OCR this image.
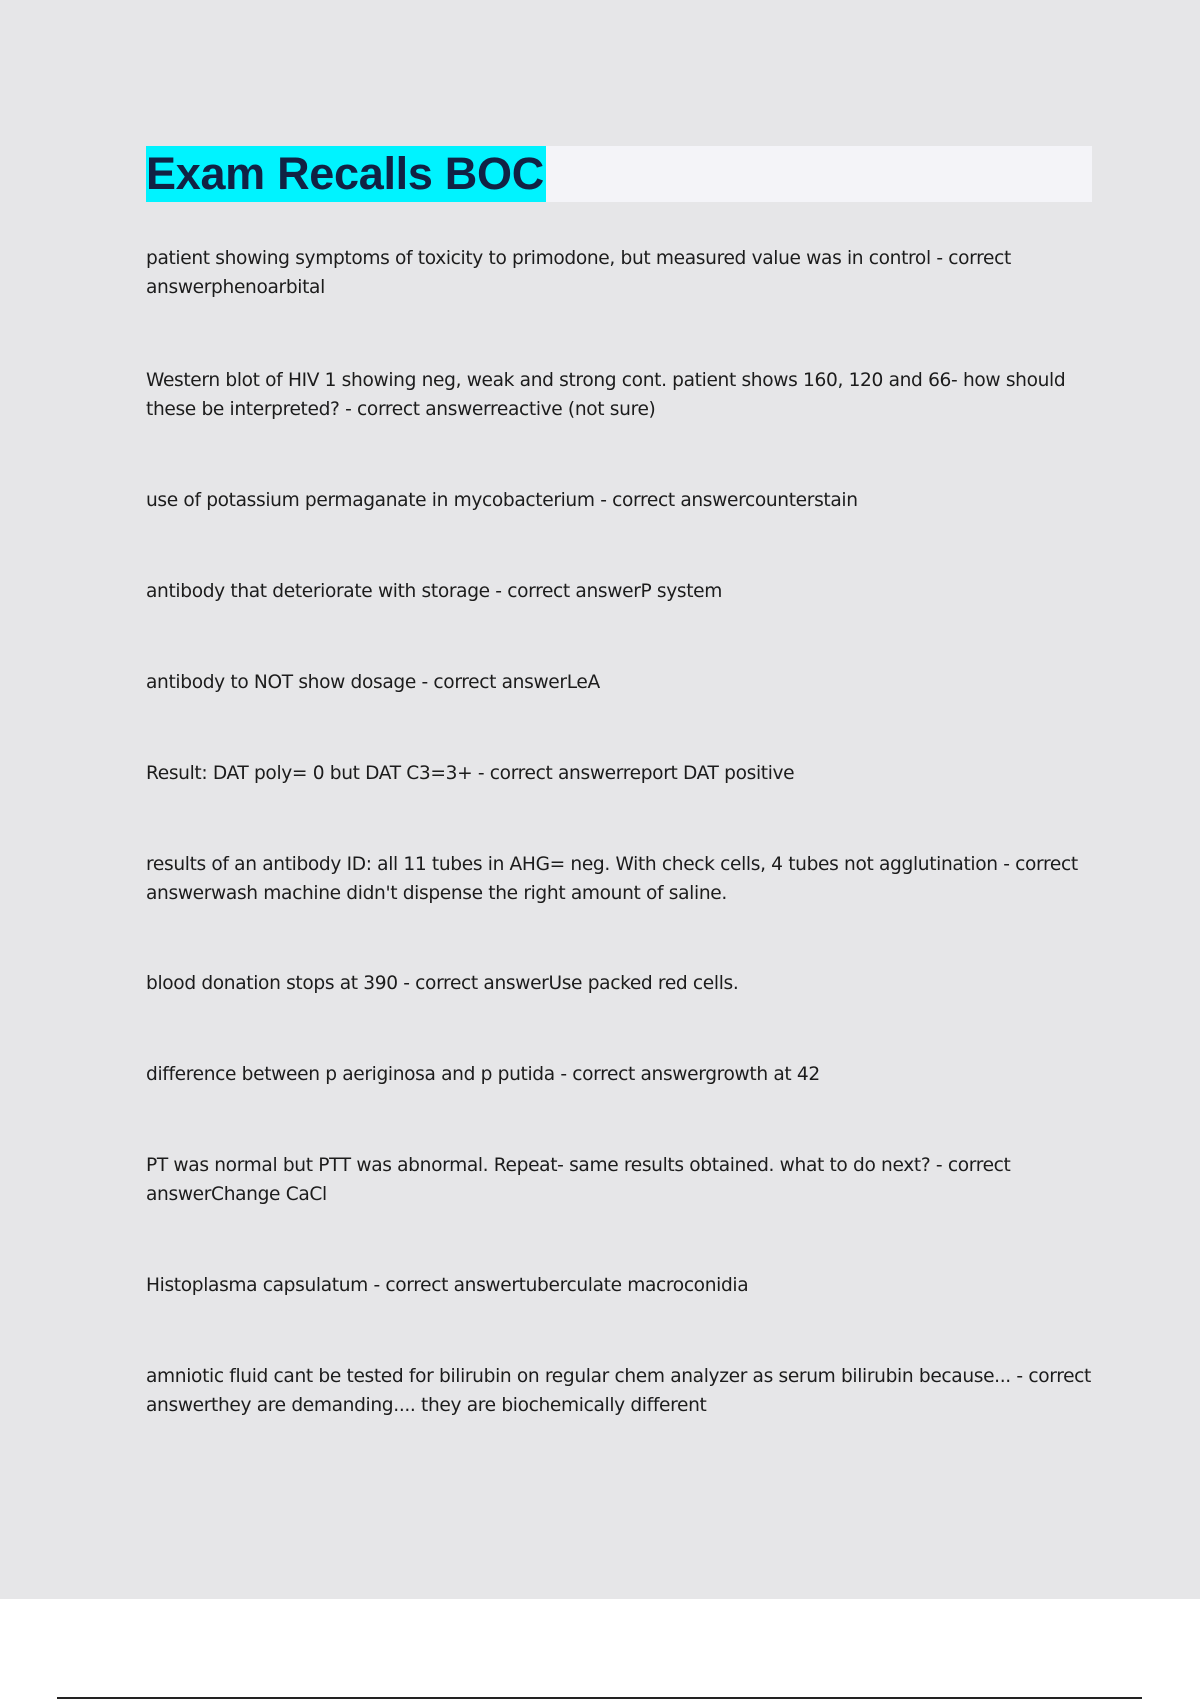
Exam Recalls BOC

patient showing symptoms of toxicity to primodone, but measured value was in control - correct answerphenoarbital

Western blot of HIV 1 showing neg, weak and strong cont. patient shows 160, 120 and 66- how should these be interpreted? - correct answerreactive (not sure)

use of potassium permaganate in mycobacterium - correct answercounterstain

antibody that deteriorate with storage - correct answerP system

antibody to NOT show dosage - correct answerLeA

Result: DAT poly= 0 but DAT C3=3+ - correct answerreport DAT positive

results of an antibody ID: all 11 tubes in AHG= neg. With check cells, 4 tubes not agglutination - correct answerwash machine didn't dispense the right amount of saline.

blood donation stops at 390 - correct answerUse packed red cells.

difference between p aeriginosa and p putida - correct answergrowth at 42

PT was normal but PTT was abnormal. Repeat- same results obtained. what to do next? - correct answerChange CaCl

Histoplasma capsulatum - correct answertuberculate macroconidia

amniotic fluid cant be tested for bilirubin on regular chem analyzer as serum bilirubin because... - correct answerthey are demanding.... they are biochemically different
